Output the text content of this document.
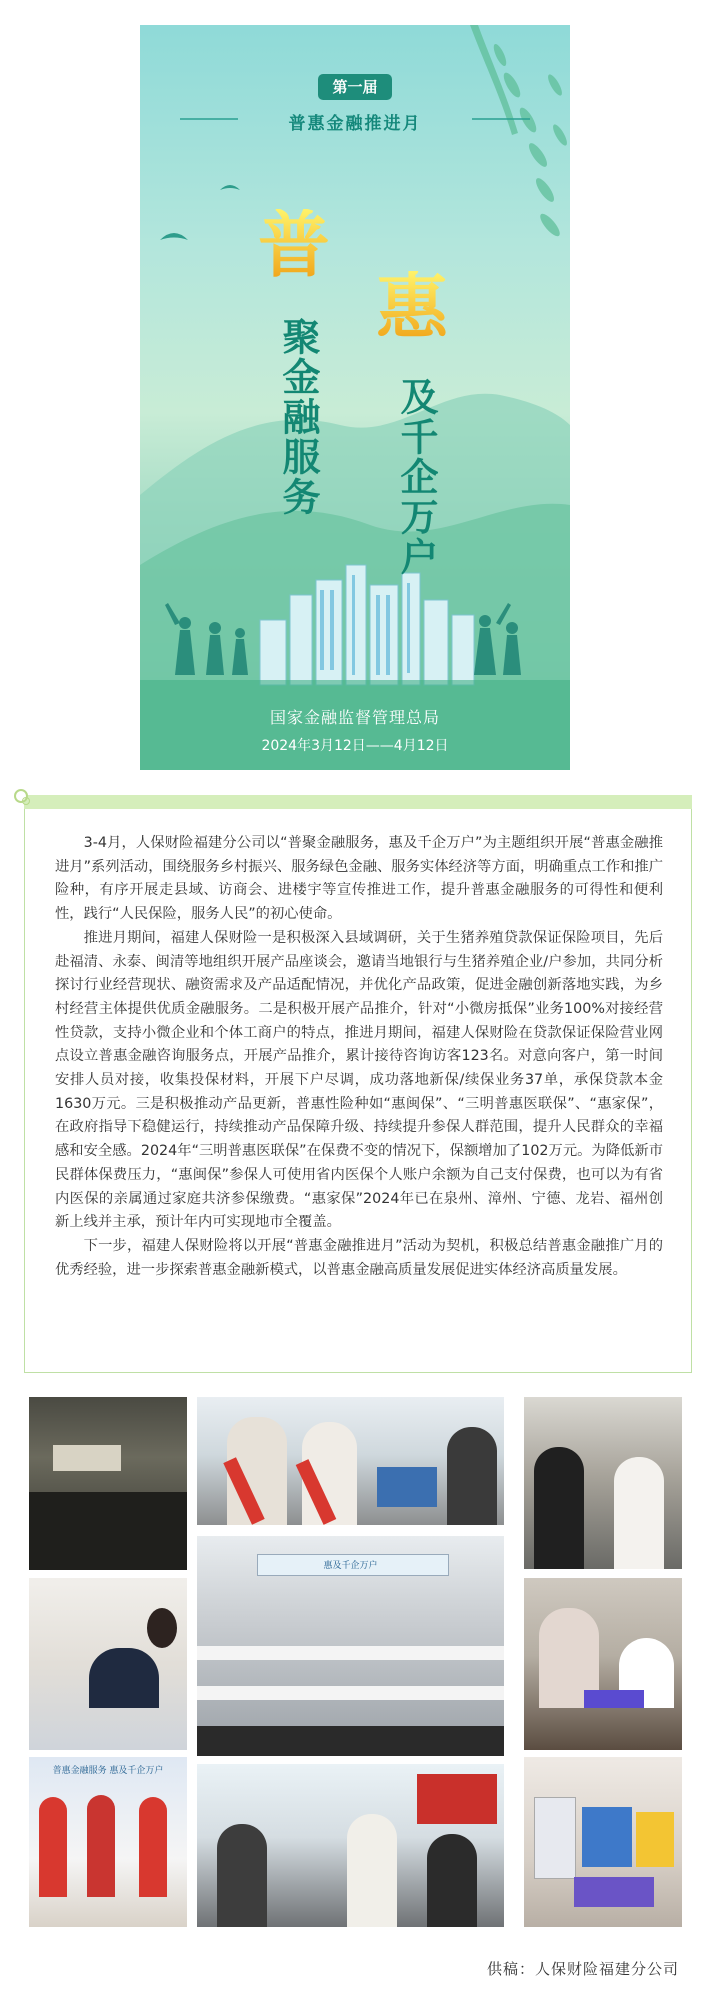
第一届
普惠金融推进月
普
惠
聚金融服务 及千企万户
国家金融监督管理总局
2024年3月12日——4月12日

3-4月，人保财险福建分公司以“普聚金融服务，惠及千企万户”为主题组织开展“普惠金融推进月”系列活动，围绕服务乡村振兴、服务绿色金融、服务实体经济等方面，明确重点工作和推广险种，有序开展走县域、访商会、进楼宇等宣传推进工作，提升普惠金融服务的可得性和便利性，践行“人民保险，服务人民”的初心使命。

推进月期间，福建人保财险一是积极深入县域调研，关于生猪养殖贷款保证保险项目，先后赴福清、永泰、闽清等地组织开展产品座谈会，邀请当地银行与生猪养殖企业/户参加，共同分析探讨行业经营现状、融资需求及产品适配情况，并优化产品政策，促进金融创新落地实践，为乡村经营主体提供优质金融服务。二是积极开展产品推介，针对“小微房抵保”业务100%对接经营性贷款，支持小微企业和个体工商户的特点，推进月期间，福建人保财险在贷款保证保险营业网点设立普惠金融咨询服务点，开展产品推介，累计接待咨询访客123名。对意向客户，第一时间安排人员对接，收集投保材料，开展下户尽调，成功落地新保/续保业务37单，承保贷款本金1630万元。三是积极推动产品更新，普惠性险种如“惠闽保”、“三明普惠医联保”、“惠家保”，在政府指导下稳健运行，持续推动产品保障升级、持续提升参保人群范围，提升人民群众的幸福感和安全感。2024年“三明普惠医联保”在保费不变的情况下，保额增加了102万元。为降低新市民群体保费压力，“惠闽保”参保人可使用省内医保个人账户余额为自己支付保费，也可以为有省内医保的亲属通过家庭共济参保缴费。“惠家保”2024年已在泉州、漳州、宁德、龙岩、福州创新上线并主承，预计年内可实现地市全覆盖。

下一步，福建人保财险将以开展“普惠金融推进月”活动为契机，积极总结普惠金融推广月的优秀经验，进一步探索普惠金融新模式，以普惠金融高质量发展促进实体经济高质量发展。

普惠金融服务 惠及千企万户
惠及千企万户
供稿：人保财险福建分公司
